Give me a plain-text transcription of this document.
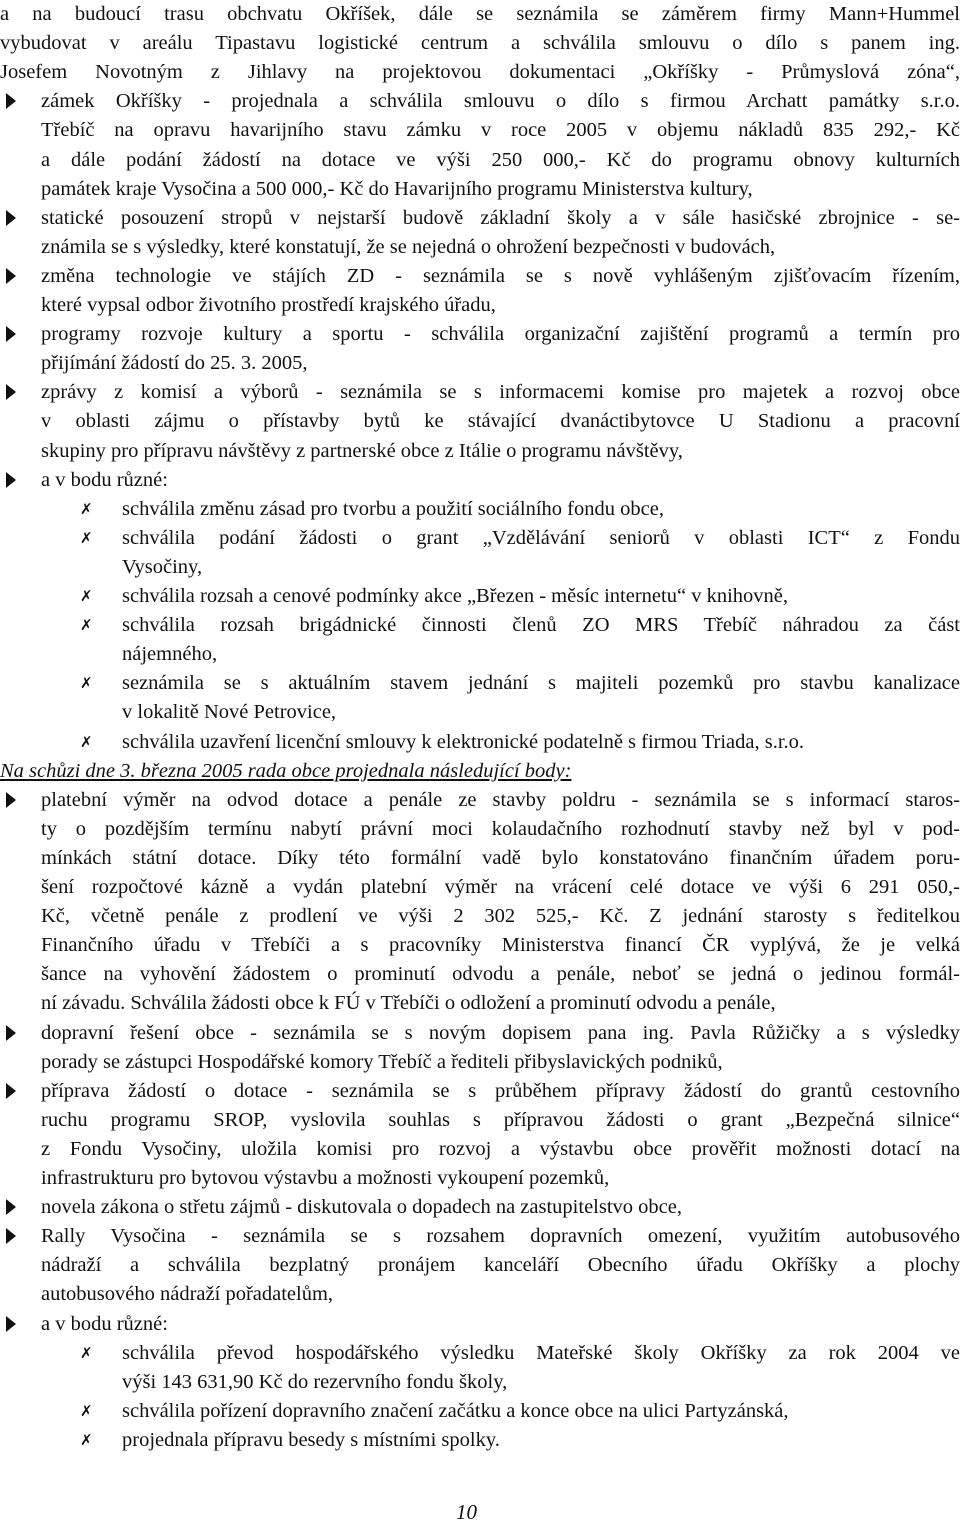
a na budoucí trasu obchvatu Okříšek, dále se seznámila se záměrem firmy Mann+Hummel
vybudovat v areálu Tipastavu logistické centrum a schválila smlouvu o dílo s panem ing.
Josefem Novotným z Jihlavy na projektovou dokumentaci „Okříšky - Průmyslová zóna“,
zámek Okříšky - projednala a schválila smlouvu o dílo s firmou Archatt památky s.r.o.
Třebíč na opravu havarijního stavu zámku v roce 2005 v objemu nákladů 835 292,- Kč
a dále podání žádostí na dotace ve výši 250 000,- Kč do programu obnovy kulturních
památek kraje Vysočina a 500 000,- Kč do Havarijního programu Ministerstva kultury,
statické posouzení stropů v nejstarší budově základní školy a v sále hasičské zbrojnice - se-
známila se s výsledky, které konstatují, že se nejedná o ohrožení bezpečnosti v budovách,
změna technologie ve stájích ZD - seznámila se s nově vyhlášeným zjišťovacím řízením,
které vypsal odbor životního prostředí krajského úřadu,
programy rozvoje kultury a sportu - schválila organizační zajištění programů a termín pro
přijímání žádostí do 25. 3. 2005,
zprávy z komisí a výborů - seznámila se s informacemi komise pro majetek a rozvoj obce
v oblasti zájmu o přístavby bytů ke stávající dvanáctibytovce U Stadionu a pracovní
skupiny pro přípravu návštěvy z partnerské obce z Itálie o programu návštěvy,
a v bodu různé:
✗ schválila změnu zásad pro tvorbu a použití sociálního fondu obce,
✗ schválila podání žádosti o grant „Vzdělávání seniorů v oblasti ICT“ z Fondu
Vysočiny,
✗ schválila rozsah a cenové podmínky akce „Březen - měsíc internetu“ v knihovně,
✗ schválila rozsah brigádnické činnosti členů ZO MRS Třebíč náhradou za část
nájemného,
✗ seznámila se s aktuálním stavem jednání s majiteli pozemků pro stavbu kanalizace
v lokalitě Nové Petrovice,
✗ schválila uzavření licenční smlouvy k elektronické podatelně s firmou Triada, s.r.o.
Na schůzi dne 3. března 2005 rada obce projednala následující body:
platební výměr na odvod dotace a penále ze stavby poldru - seznámila se s informací staros-
ty o pozdějším termínu nabytí právní moci kolaudačního rozhodnutí stavby než byl v pod-
mínkách státní dotace. Díky této formální vadě bylo konstatováno finančním úřadem poru-
šení rozpočtové kázně a vydán platební výměr na vrácení celé dotace ve výši 6 291 050,-
Kč, včetně penále z prodlení ve výši 2 302 525,- Kč. Z jednání starosty s ředitelkou
Finančního úřadu v Třebíči a s pracovníky Ministerstva financí ČR vyplývá, že je velká
šance na vyhovění žádostem o prominutí odvodu a penále, neboť se jedná o jedinou formál-
ní závadu. Schválila žádosti obce k FÚ v Třebíči o odložení a prominutí odvodu a penále,
dopravní řešení obce - seznámila se s novým dopisem pana ing. Pavla Růžičky a s výsledky
porady se zástupci Hospodářské komory Třebíč a řediteli přibyslavických podniků,
příprava žádostí o dotace - seznámila se s průběhem přípravy žádostí do grantů cestovního
ruchu programu SROP, vyslovila souhlas s přípravou žádosti o grant „Bezpečná silnice“
z Fondu Vysočiny, uložila komisi pro rozvoj a výstavbu obce prověřit možnosti dotací na
infrastrukturu pro bytovou výstavbu a možnosti vykoupení pozemků,
novela zákona o střetu zájmů - diskutovala o dopadech na zastupitelstvo obce,
Rally Vysočina - seznámila se s rozsahem dopravních omezení, využitím autobusového
nádraží a schválila bezplatný pronájem kanceláří Obecního úřadu Okříšky a plochy
autobusového nádraží pořadatelům,
a v bodu různé:
✗ schválila převod hospodářského výsledku Mateřské školy Okříšky za rok 2004 ve
výši 143 631,90 Kč do rezervního fondu školy,
✗ schválila pořízení dopravního značení začátku a konce obce na ulici Partyzánská,
✗ projednala přípravu besedy s místními spolky.
10
